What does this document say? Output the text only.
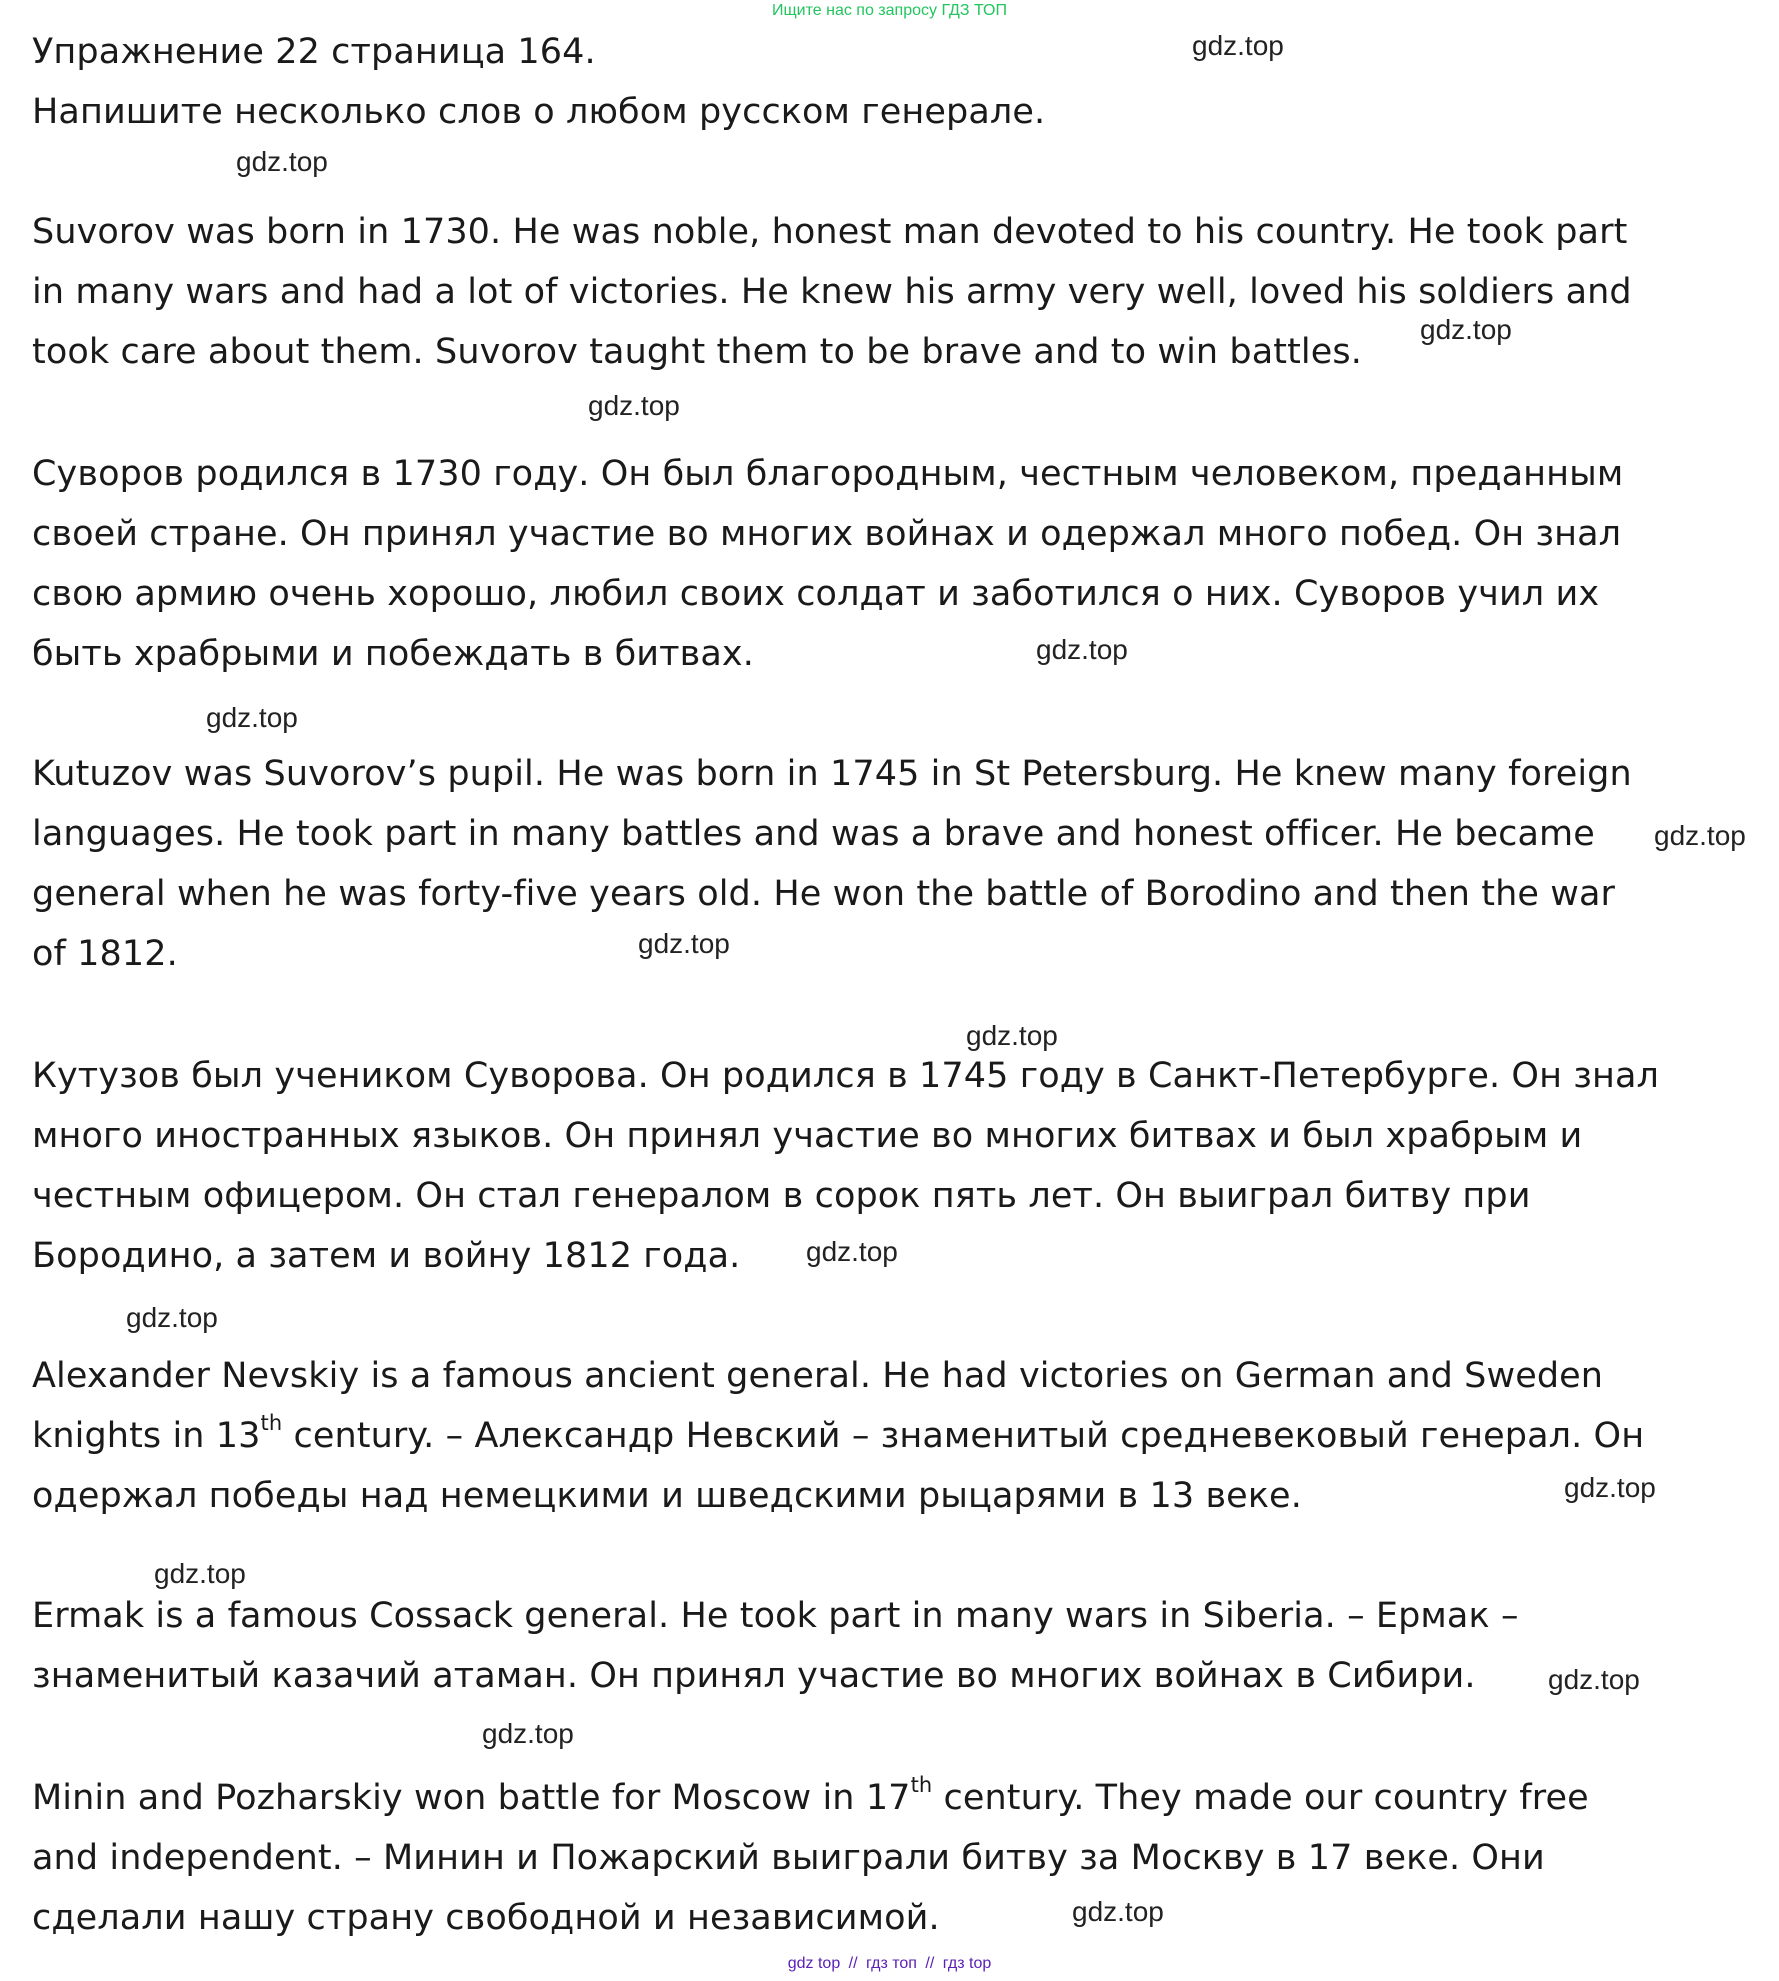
Ищите нас по запросу ГДЗ ТОП
Упражнение 22 страница 164.
Напишите несколько слов о любом русском генерале.
Suvorov was born in 1730. He was noble, honest man devoted to his country. He took part
in many wars and had a lot of victories. He knew his army very well, loved his soldiers and
took care about them. Suvorov taught them to be brave and to win battles.
Суворов родился в 1730 году. Он был благородным, честным человеком, преданным
своей стране. Он принял участие во многих войнах и одержал много побед. Он знал
свою армию очень хорошо, любил своих солдат и заботился о них. Суворов учил их
быть храбрыми и побеждать в битвах.
Kutuzov was Suvorov’s pupil. He was born in 1745 in St Petersburg. He knew many foreign
languages. He took part in many battles and was a brave and honest officer. He became
general when he was forty-five years old. He won the battle of Borodino and then the war
of 1812.
Кутузов был учеником Суворова. Он родился в 1745 году в Санкт-Петербурге. Он знал
много иностранных языков. Он принял участие во многих битвах и был храбрым и
честным офицером. Он стал генералом в сорок пять лет. Он выиграл битву при
Бородино, а затем и войну 1812 года.
Alexander Nevskiy is a famous ancient general. He had victories on German and Sweden
knights in 13th century. – Александр Невский – знаменитый средневековый генерал. Он
одержал победы над немецкими и шведскими рыцарями в 13 веке.
Ermak is a famous Cossack general. He took part in many wars in Siberia. – Ермак –
знаменитый казачий атаман. Он принял участие во многих войнах в Сибири.
Minin and Pozharskiy won battle for Moscow in 17th century. They made our country free
and independent. – Минин и Пожарский выиграли битву за Москву в 17 веке. Они
сделали нашу страну свободной и независимой.
gdz.top
gdz.top
gdz.top
gdz.top
gdz.top
gdz.top
gdz.top
gdz.top
gdz.top
gdz.top
gdz.top
gdz.top
gdz.top
gdz.top
gdz.top
gdz.top
gdz top // гдз топ // гдз top
